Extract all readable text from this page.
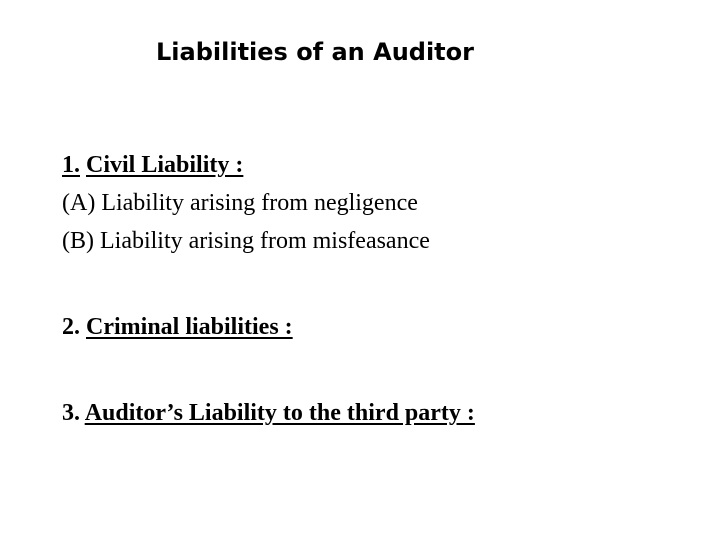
Liabilities of an Auditor

1. Civil Liability :

(A) Liability arising from negligence

(B) Liability arising from misfeasance

2. Criminal liabilities :

3. Auditor’s Liability to the third party :
